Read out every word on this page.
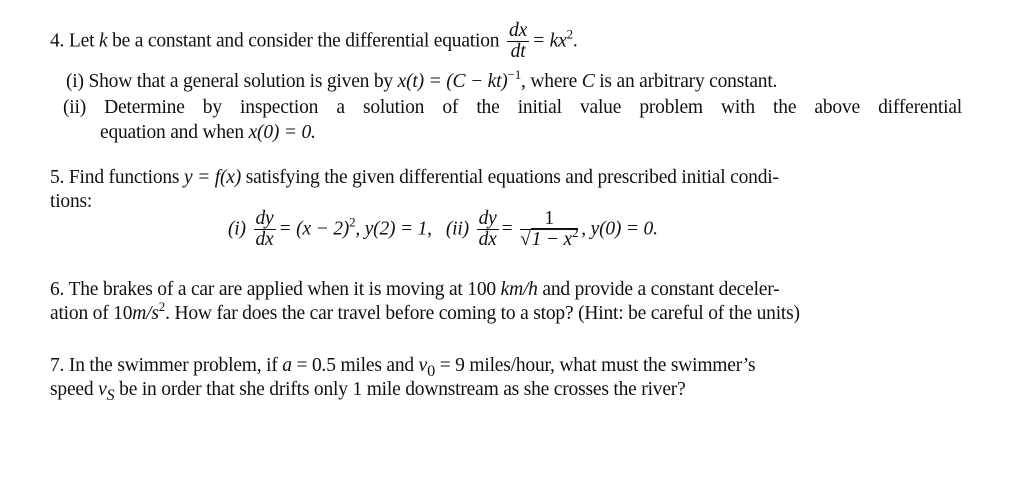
4. Let k be a constant and consider the differential equation $\frac{dx}{dt} = kx^2$.
(i) Show that a general solution is given by x(t) = (C − kt)$^{-1}$, where C is an arbitrary constant.
(ii) Determine by inspection a solution of the initial value problem with the above differential
equation and when x(0) = 0.
5. Find functions y = f(x) satisfying the given differential equations and prescribed initial condi-
tions:
$(i) \frac{dy}{dx} = (x - 2)^2$, y(2) = 1, $(ii) \frac{dy}{dx} = \frac{1}{√1 - x^2}$ , y(0) = 0.
6. The brakes of a car are applied when it is moving at 100 km/h and provide a constant deceler-
ation of $10m/s^2$. How far does the car travel before coming to a stop? (Hint: be careful of the units)
7. In the swimmer problem, if a = 0.5 miles and $v_0 = 9$ miles/hour, what must the swimmer’s
speed $v_S$ be in order that she drifts only 1 mile downstream as she crosses the river?
